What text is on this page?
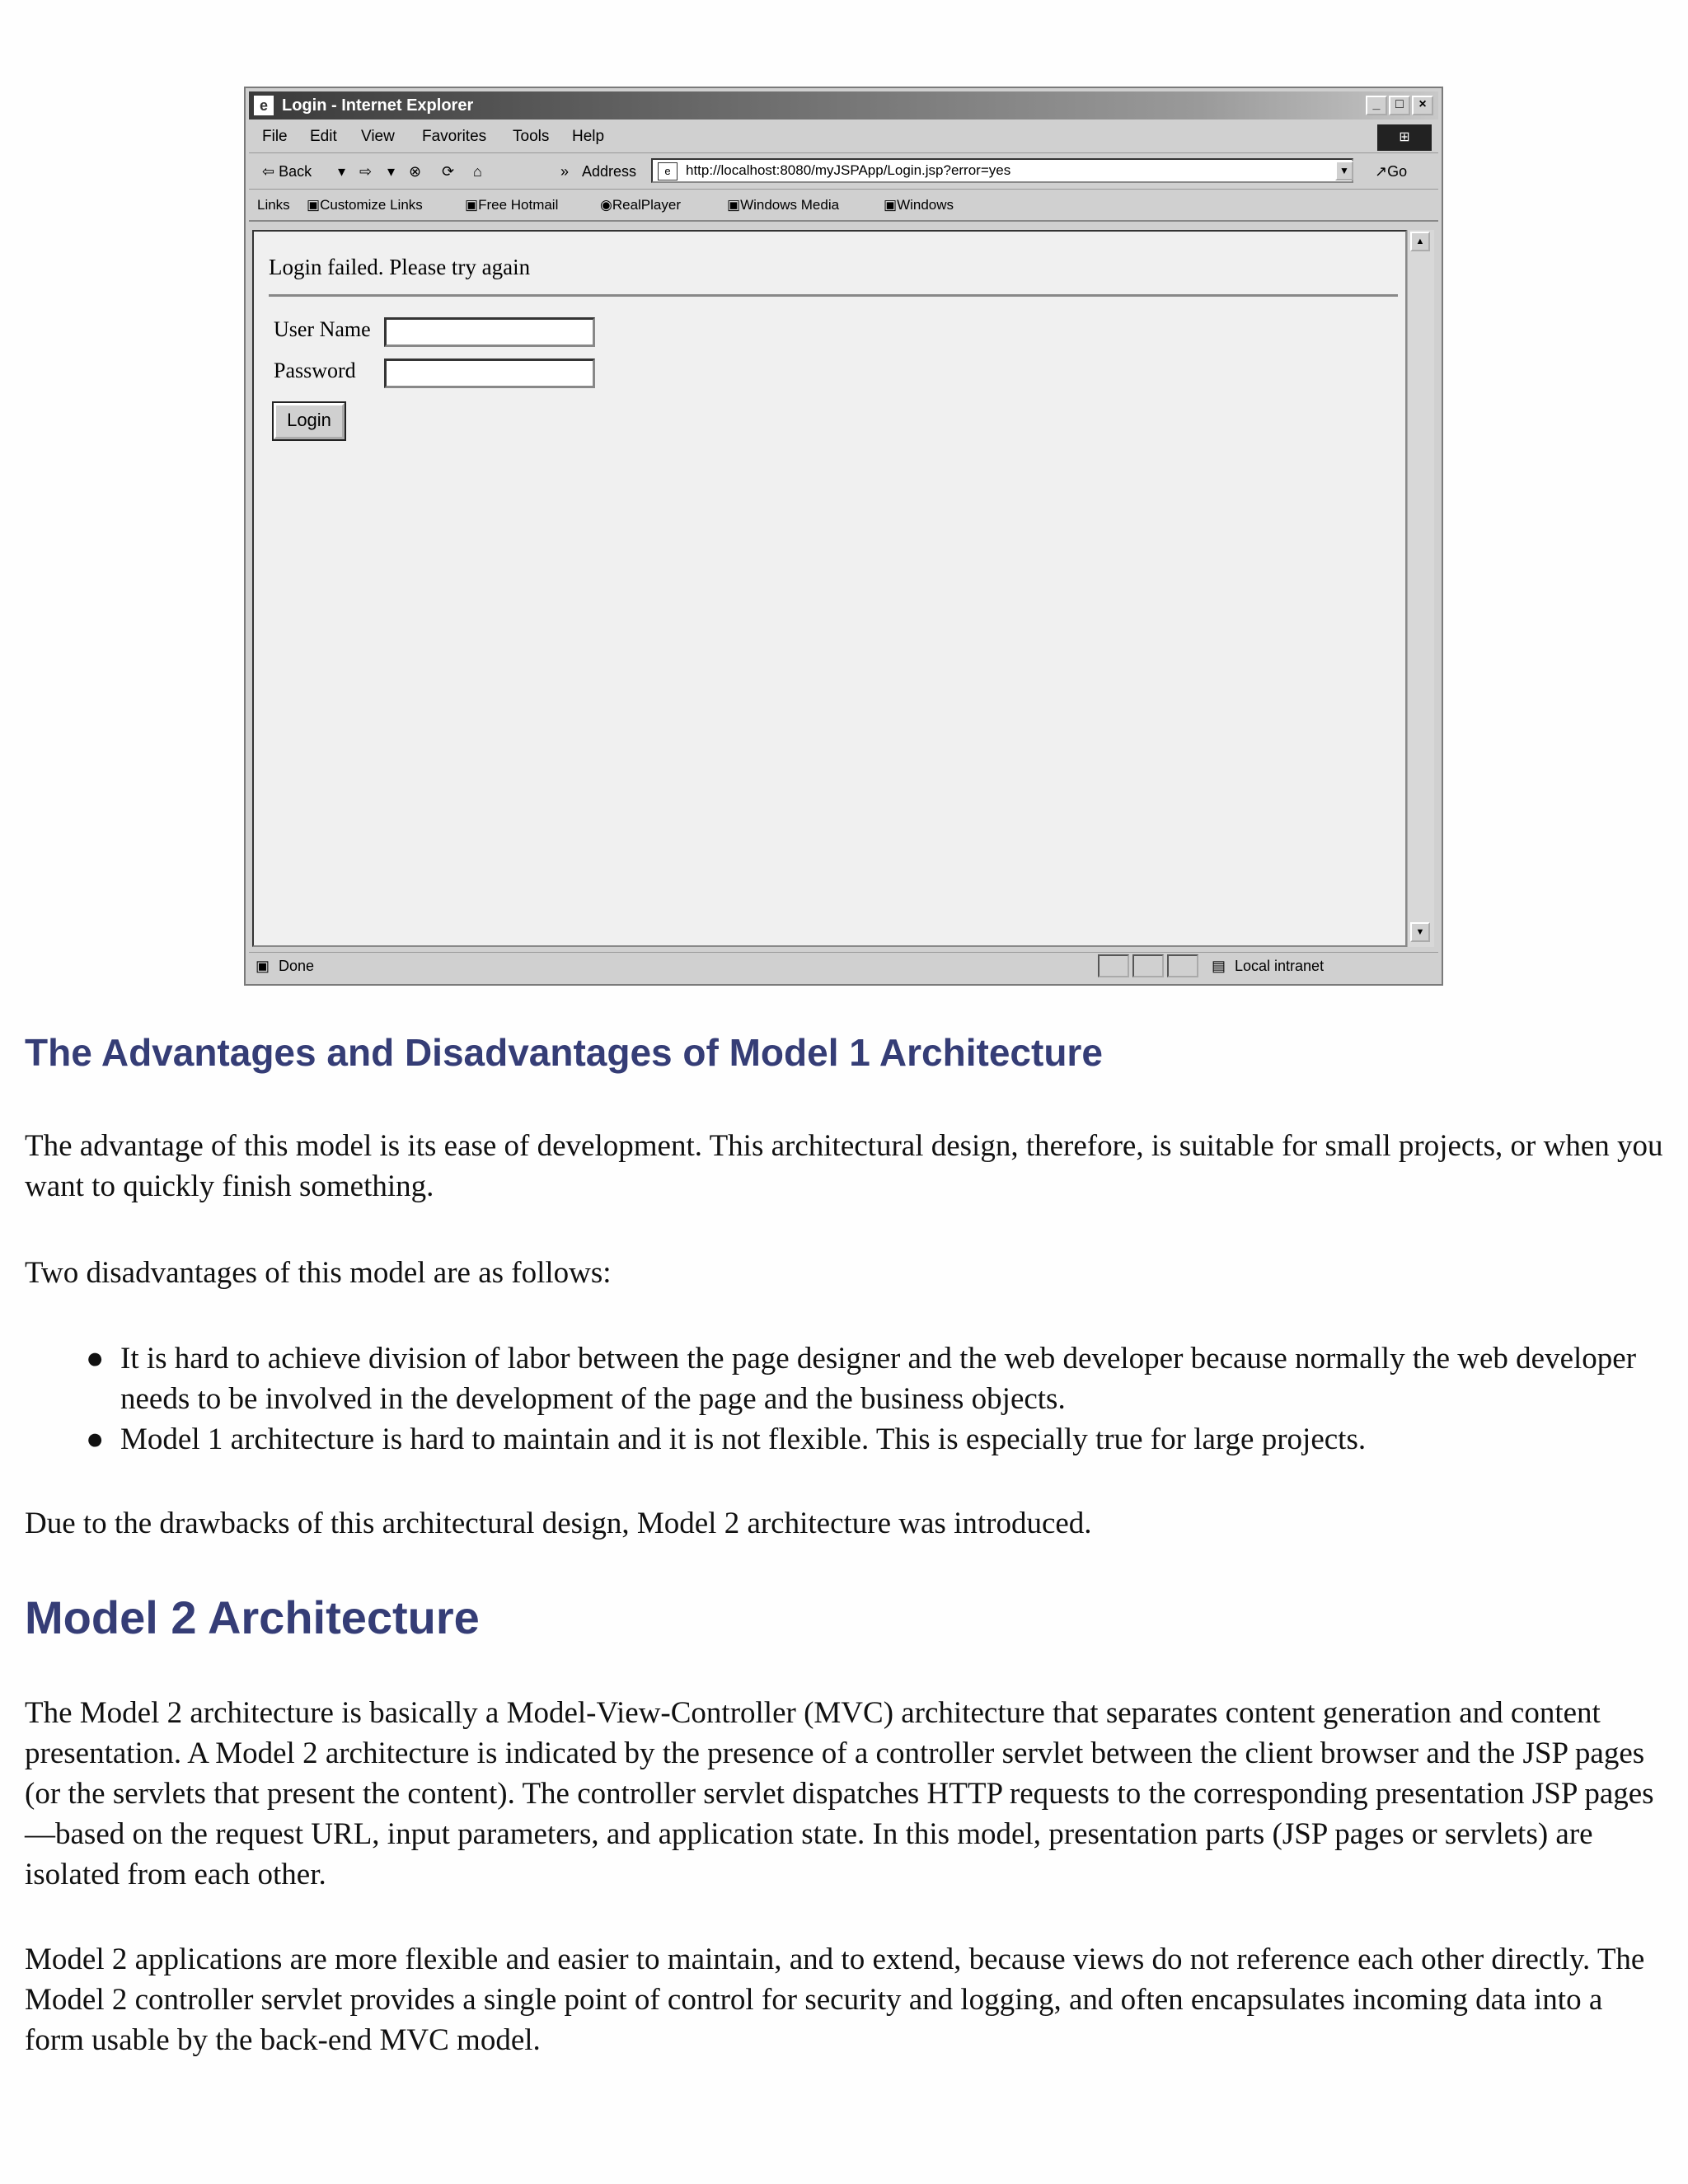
e Login - Internet Explorer	_	□	×
File Edit View Favorites Tools Help	⊞
⇦ Back ▾ ⇨ ▾ ⊗ ⟳ ⌂	» Address	e	http://localhost:8080/myJSPApp/Login.jsp?error=yes	▼ ↗Go
Links ▣Customize Links	▣Free Hotmail	◉RealPlayer	▣Windows Media	▣Windows
Login failed. Please try again
User Name
Password
Login
▲
▼
▣ Done	▤ Local intranet
The Advantages and Disadvantages of Model 1 Architecture

The advantage of this model is its ease of development. This architectural design, therefore, is suitable for small projects, or when you want to quickly finish something.

Two disadvantages of this model are as follows:

● It is hard to achieve division of labor between the page designer and the web developer because normally the web developer needs to be involved in the development of the page and the business objects.
● Model 1 architecture is hard to maintain and it is not flexible. This is especially true for large projects.

Due to the drawbacks of this architectural design, Model 2 architecture was introduced.

Model 2 Architecture

The Model 2 architecture is basically a Model-View-Controller (MVC) architecture that separates content generation and content presentation. A Model 2 architecture is indicated by the presence of a controller servlet between the client browser and the JSP pages (or the servlets that present the content). The controller servlet dispatches HTTP requests to the corresponding presentation JSP pages—based on the request URL, input parameters, and application state. In this model, presentation parts (JSP pages or servlets) are isolated from each other.

Model 2 applications are more flexible and easier to maintain, and to extend, because views do not reference each other directly. The Model 2 controller servlet provides a single point of control for security and logging, and often encapsulates incoming data into a form usable by the back-end MVC model.
